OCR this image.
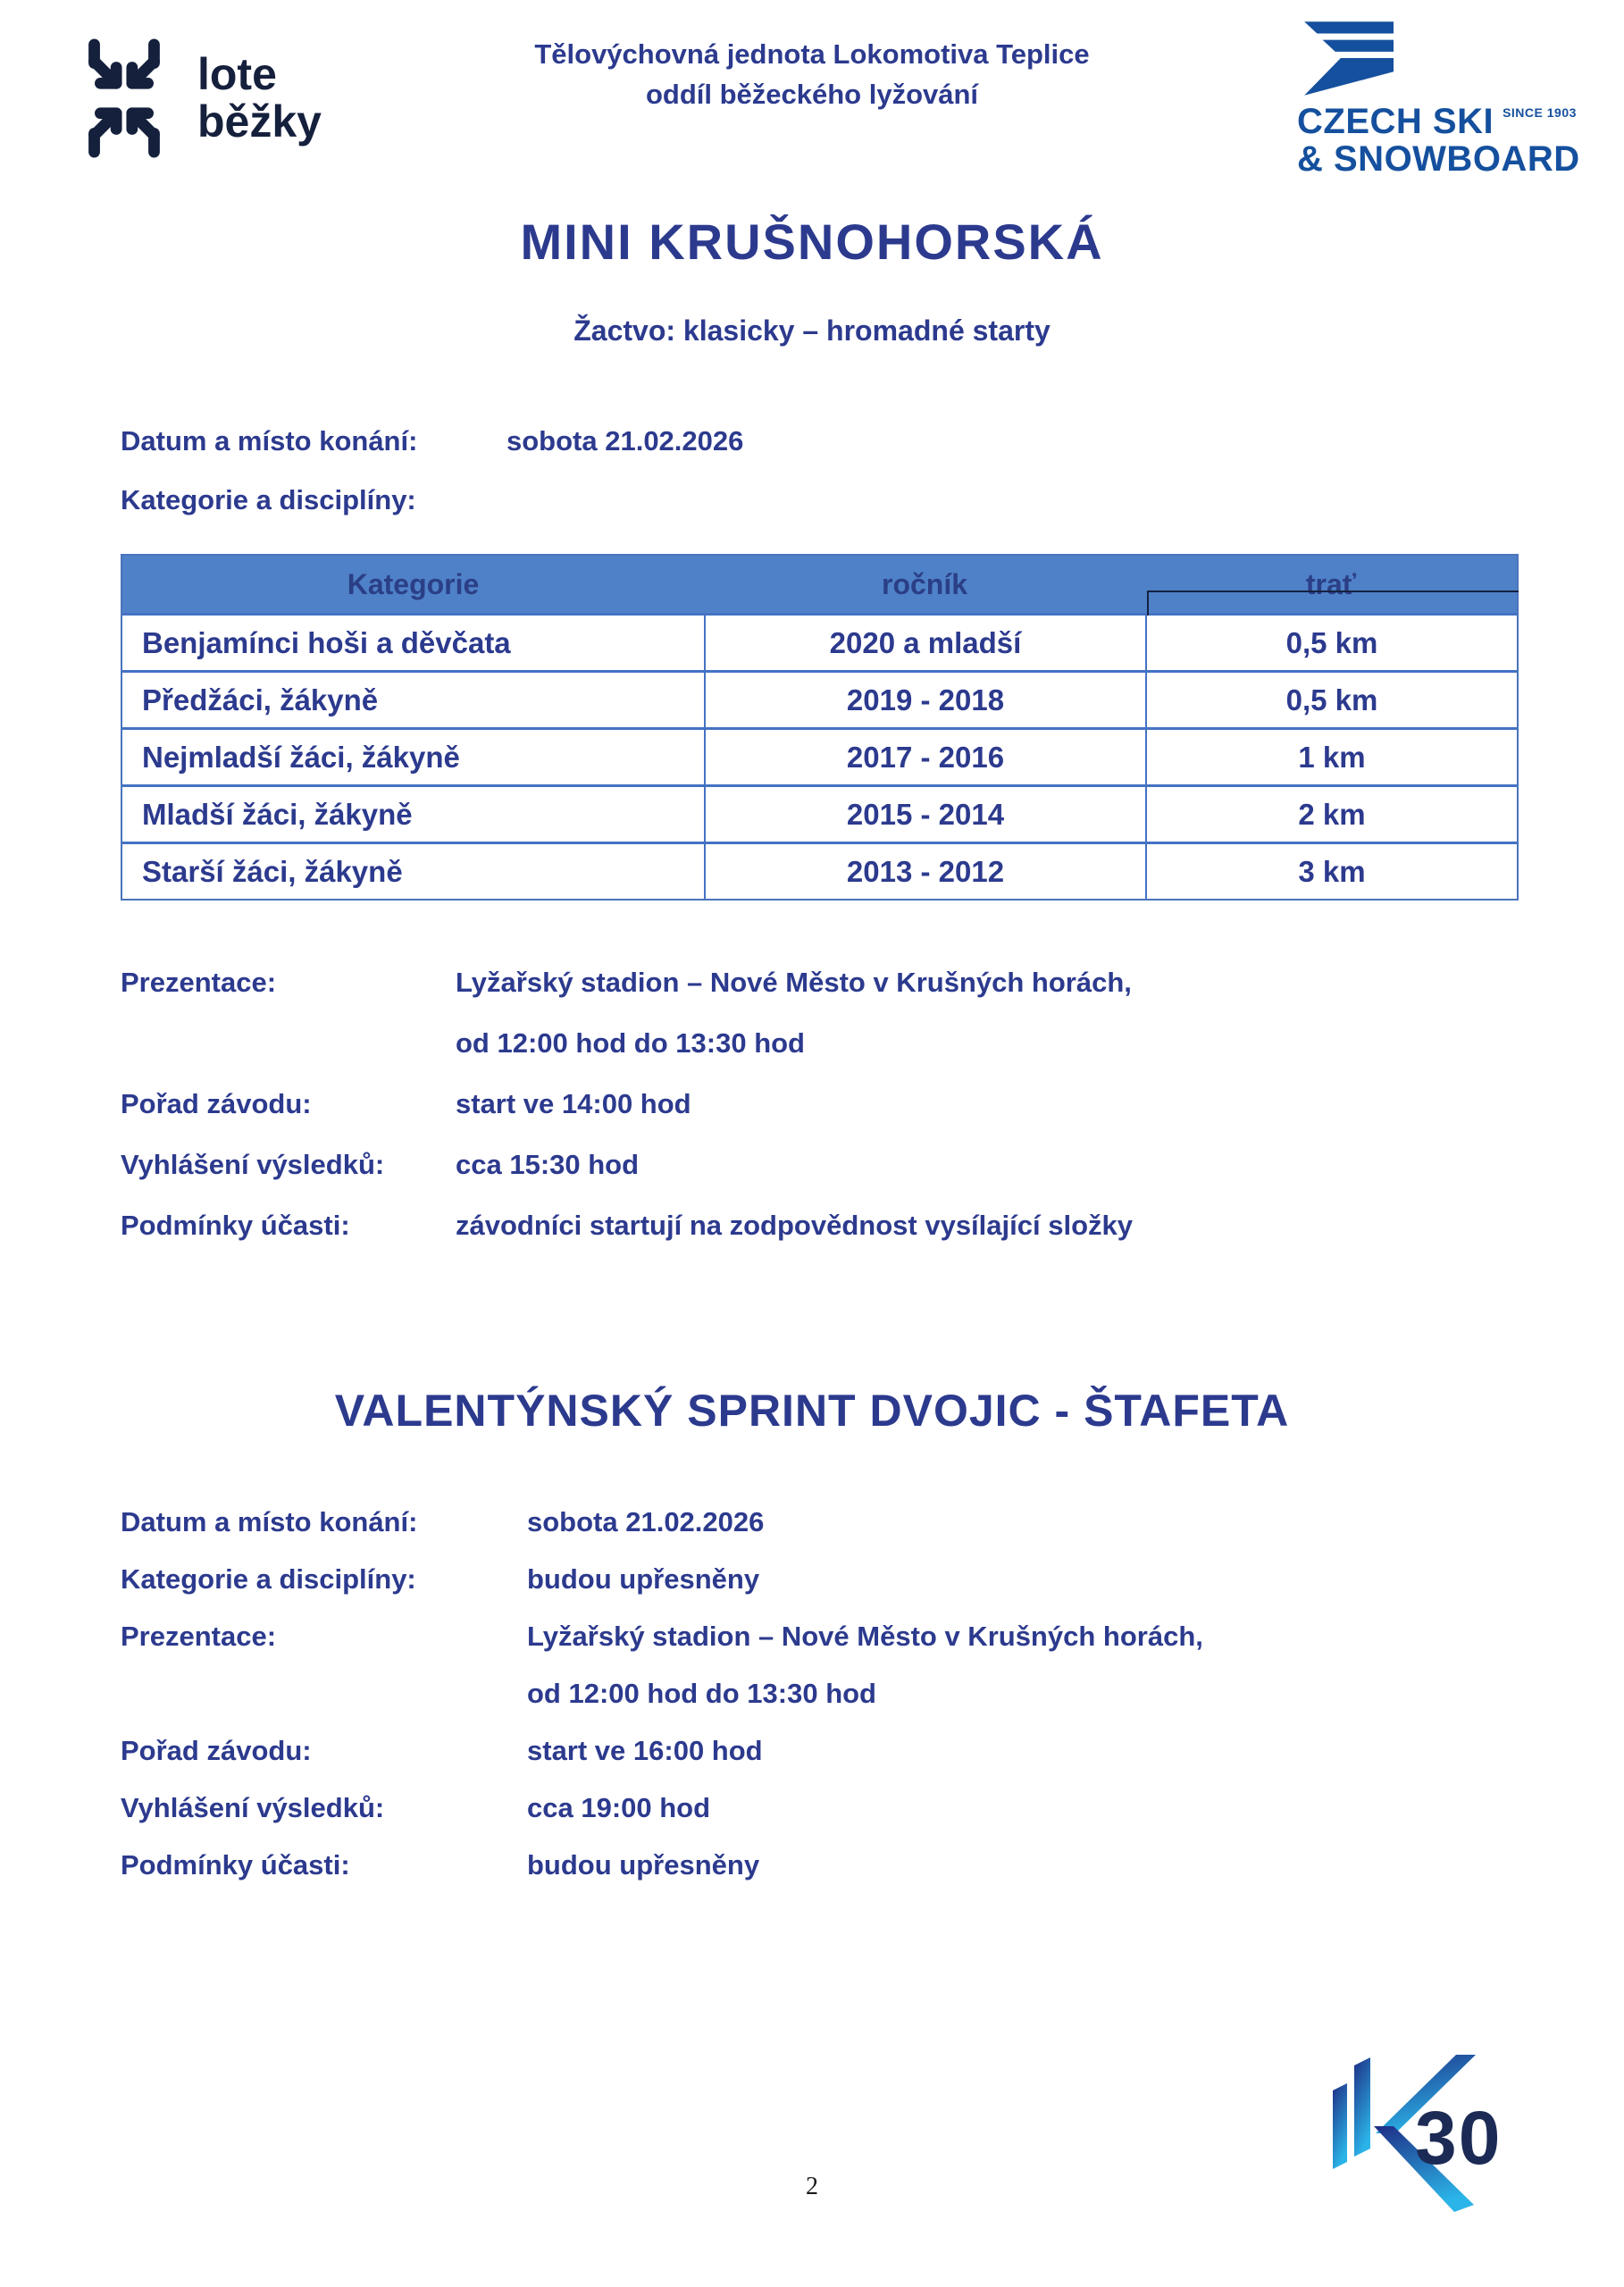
lote
běžky
Tělovýchovná jednota Lokomotiva Teplice
oddíl běžeckého lyžování
CZECH SKI SINCE 1903
& SNOWBOARD
MINI KRUŠNOHORSKÁ
Žactvo: klasicky – hromadné starty
Datum a místo konání:	sobota 21.02.2026
Kategorie a disciplíny:
Kategorie	ročník	trať
Benjamínci hoši a děvčata	2020 a mladší	0,5 km
Předžáci, žákyně	2019 - 2018	0,5 km
Nejmladší žáci, žákyně	2017 - 2016	1 km
Mladší žáci, žákyně	2015 - 2014	2 km
Starší žáci, žákyně	2013 - 2012	3 km
Prezentace:	Lyžařský stadion – Nové Město v Krušných horách,
od 12:00 hod do 13:30 hod
Pořad závodu:	start ve 14:00 hod
Vyhlášení výsledků:	cca 15:30 hod
Podmínky účasti:	závodníci startují na zodpovědnost vysílající složky
VALENTÝNSKÝ SPRINT DVOJIC - ŠTAFETA
Datum a místo konání:	sobota 21.02.2026
Kategorie a disciplíny:	budou upřesněny
Prezentace:	Lyžařský stadion – Nové Město v Krušných horách,
od 12:00 hod do 13:30 hod
Pořad závodu:	start ve 16:00 hod
Vyhlášení výsledků:	cca 19:00 hod
Podmínky účasti:	budou upřesněny
30
2
